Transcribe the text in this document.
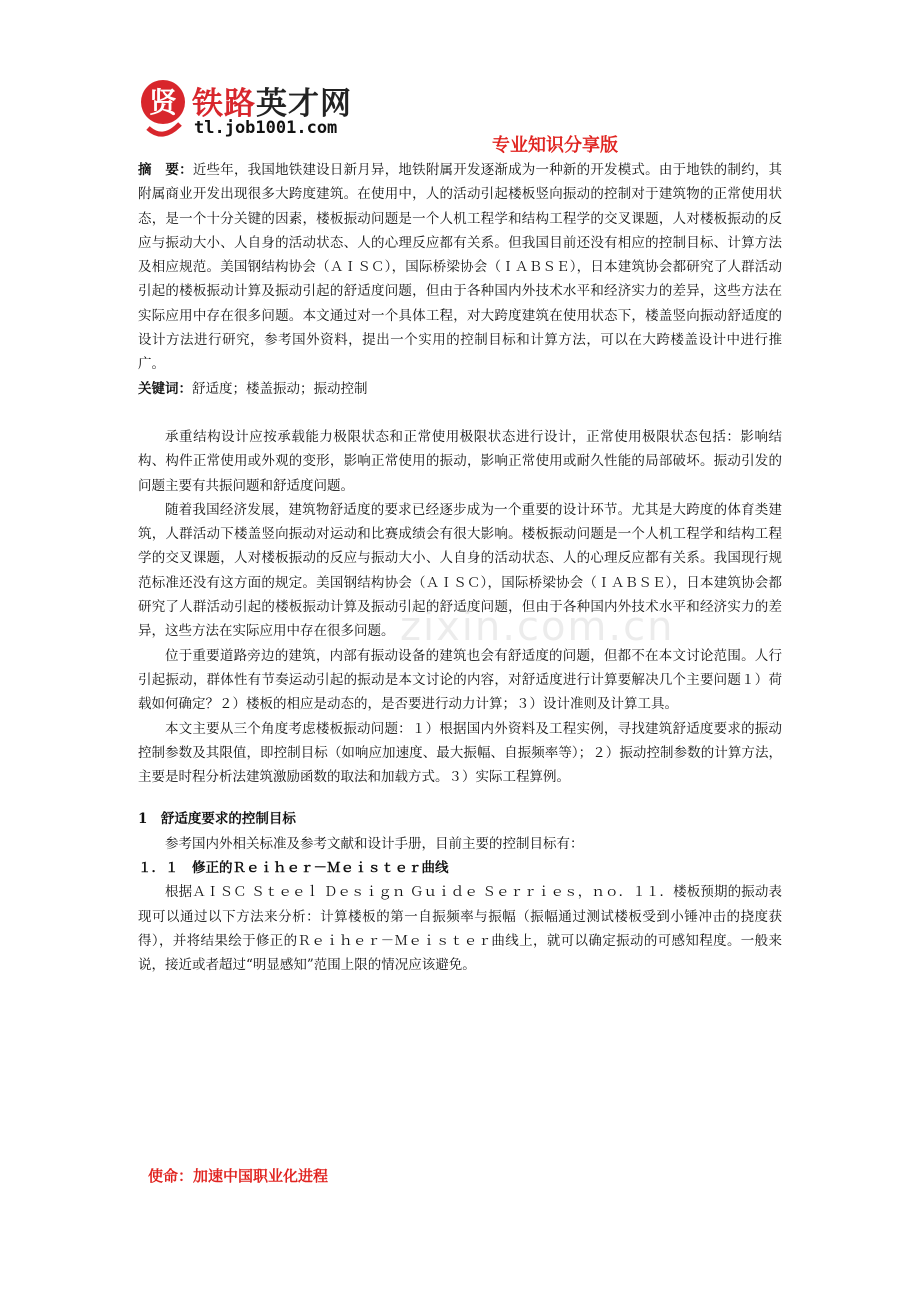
贤 铁路英才网
tl.job1001.com
专业知识分享版
zixin.com.cn

摘　要：近些年，我国地铁建设日新月异，地铁附属开发逐渐成为一种新的开发模式。由于地铁的制约，其附属商业开发出现很多大跨度建筑。在使用中，人的活动引起楼板竖向振动的控制对于建筑物的正常使用状态，是一个十分关键的因素，楼板振动问题是一个人机工程学和结构工程学的交叉课题，人对楼板振动的反应与振动大小、人自身的活动状态、人的心理反应都有关系。但我国目前还没有相应的控制目标、计算方法及相应规范。美国钢结构协会（ＡＩＳＣ），国际桥梁协会（ＩＡＢＳＥ），日本建筑协会都研究了人群活动引起的楼板振动计算及振动引起的舒适度问题，但由于各种国内外技术水平和经济实力的差异，这些方法在实际应用中存在很多问题。本文通过对一个具体工程，对大跨度建筑在使用状态下，楼盖竖向振动舒适度的设计方法进行研究，参考国外资料，提出一个实用的控制目标和计算方法，可以在大跨楼盖设计中进行推广。

关键词：舒适度；楼盖振动；振动控制

承重结构设计应按承载能力极限状态和正常使用极限状态进行设计，正常使用极限状态包括：影响结构、构件正常使用或外观的变形，影响正常使用的振动，影响正常使用或耐久性能的局部破坏。振动引发的问题主要有共振问题和舒适度问题。

随着我国经济发展，建筑物舒适度的要求已经逐步成为一个重要的设计环节。尤其是大跨度的体育类建筑，人群活动下楼盖竖向振动对运动和比赛成绩会有很大影响。楼板振动问题是一个人机工程学和结构工程学的交叉课题，人对楼板振动的反应与振动大小、人自身的活动状态、人的心理反应都有关系。我国现行规范标准还没有这方面的规定。美国钢结构协会（ＡＩＳＣ），国际桥梁协会（ＩＡＢＳＥ），日本建筑协会都研究了人群活动引起的楼板振动计算及振动引起的舒适度问题，但由于各种国内外技术水平和经济实力的差异，这些方法在实际应用中存在很多问题。

位于重要道路旁边的建筑，内部有振动设备的建筑也会有舒适度的问题，但都不在本文讨论范围。人行引起振动，群体性有节奏运动引起的振动是本文讨论的内容，对舒适度进行计算要解决几个主要问题１）荷载如何确定？２）楼板的相应是动态的，是否要进行动力计算；３）设计准则及计算工具。

本文主要从三个角度考虑楼板振动问题：１）根据国内外资料及工程实例，寻找建筑舒适度要求的振动控制参数及其限值，即控制目标（如响应加速度、最大振幅、自振频率等）；２）振动控制参数的计算方法，主要是时程分析法建筑激励函数的取法和加载方式。３）实际工程算例。

1　舒适度要求的控制目标

参考国内外相关标准及参考文献和设计手册，目前主要的控制目标有：

１．１　修正的Ｒｅｉｈｅｒ－Ｍｅｉｓｔｅｒ曲线

根据ＡＩＳＣ Ｓｔｅｅｌ Ｄｅｓｉｇｎ Ｇｕｉｄｅ Ｓｅｒｒｉｅｓ，ｎｏ．１１．楼板预期的振动表现可以通过以下方法来分析：计算楼板的第一自振频率与振幅（振幅通过测试楼板受到小锤冲击的挠度获得），并将结果绘于修正的Ｒｅｉｈｅｒ－Ｍｅｉｓｔｅｒ曲线上，就可以确定振动的可感知程度。一般来说，接近或者超过“明显感知”范围上限的情况应该避免。

使命：加速中国职业化进程
